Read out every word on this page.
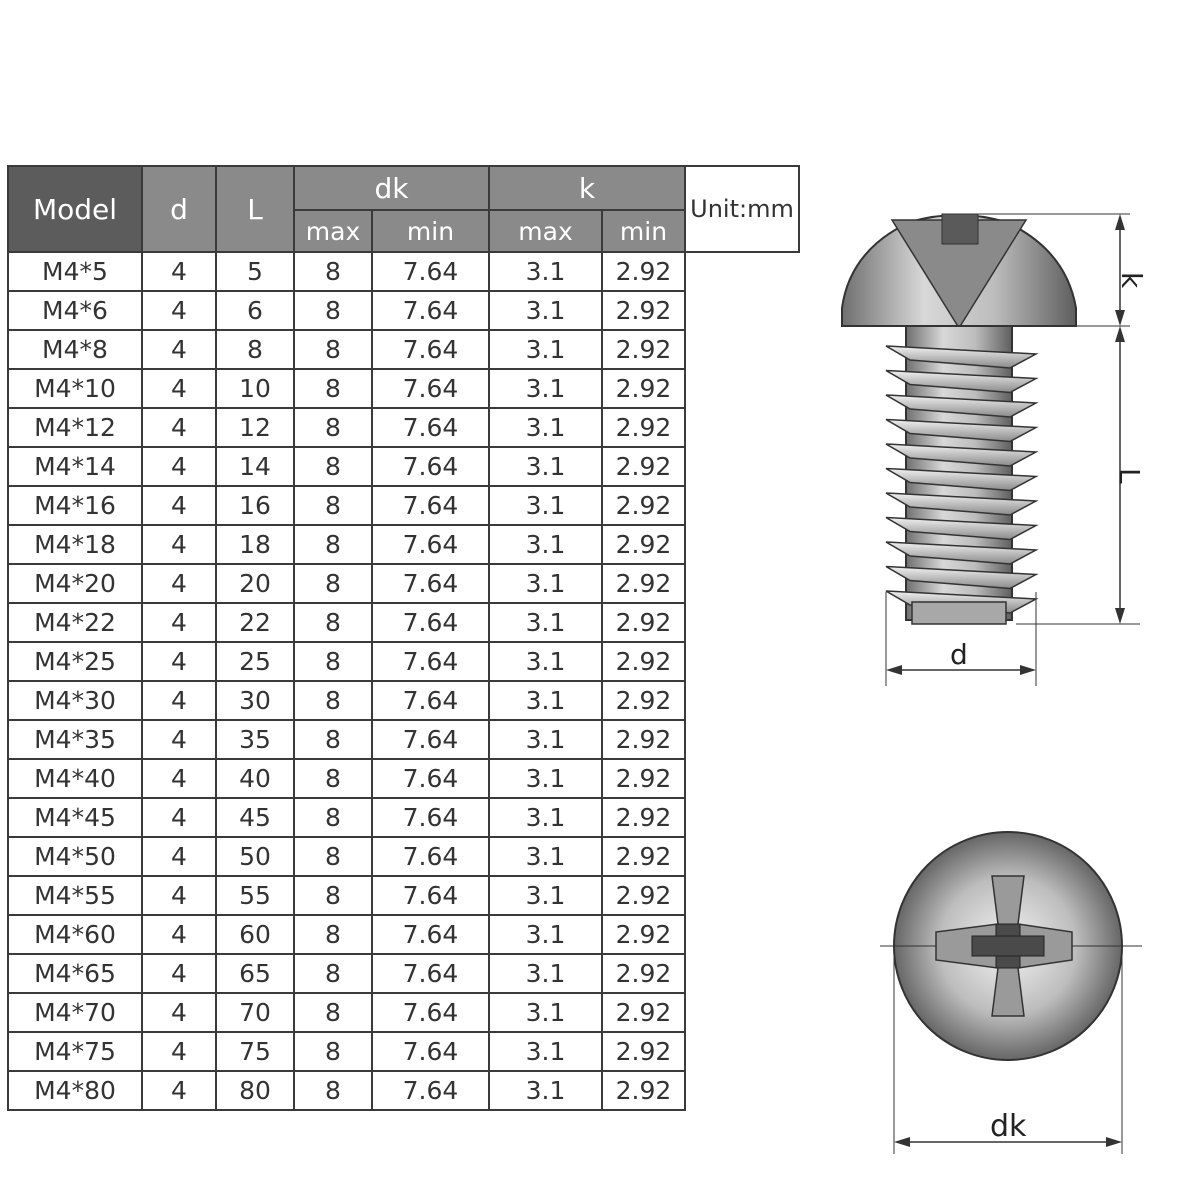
Model	d	L	dk		k		Unit:mm
			max	min	max	min	
M4*5	4	5	8	7.64	3.1	2.92	
M4*6	4	6	8	7.64	3.1	2.92	
M4*8	4	8	8	7.64	3.1	2.92	
M4*10	4	10	8	7.64	3.1	2.92	
M4*12	4	12	8	7.64	3.1	2.92	
M4*14	4	14	8	7.64	3.1	2.92	
M4*16	4	16	8	7.64	3.1	2.92	
M4*18	4	18	8	7.64	3.1	2.92	
M4*20	4	20	8	7.64	3.1	2.92	
M4*22	4	22	8	7.64	3.1	2.92	
M4*25	4	25	8	7.64	3.1	2.92	
M4*30	4	30	8	7.64	3.1	2.92	
M4*35	4	35	8	7.64	3.1	2.92	
M4*40	4	40	8	7.64	3.1	2.92	
M4*45	4	45	8	7.64	3.1	2.92	
M4*50	4	50	8	7.64	3.1	2.92	
M4*55	4	55	8	7.64	3.1	2.92	
M4*60	4	60	8	7.64	3.1	2.92	
M4*65	4	65	8	7.64	3.1	2.92	
M4*70	4	70	8	7.64	3.1	2.92	
M4*75	4	75	8	7.64	3.1	2.92	
M4*80	4	80	8	7.64	3.1	2.92	
k
L
d
dk
